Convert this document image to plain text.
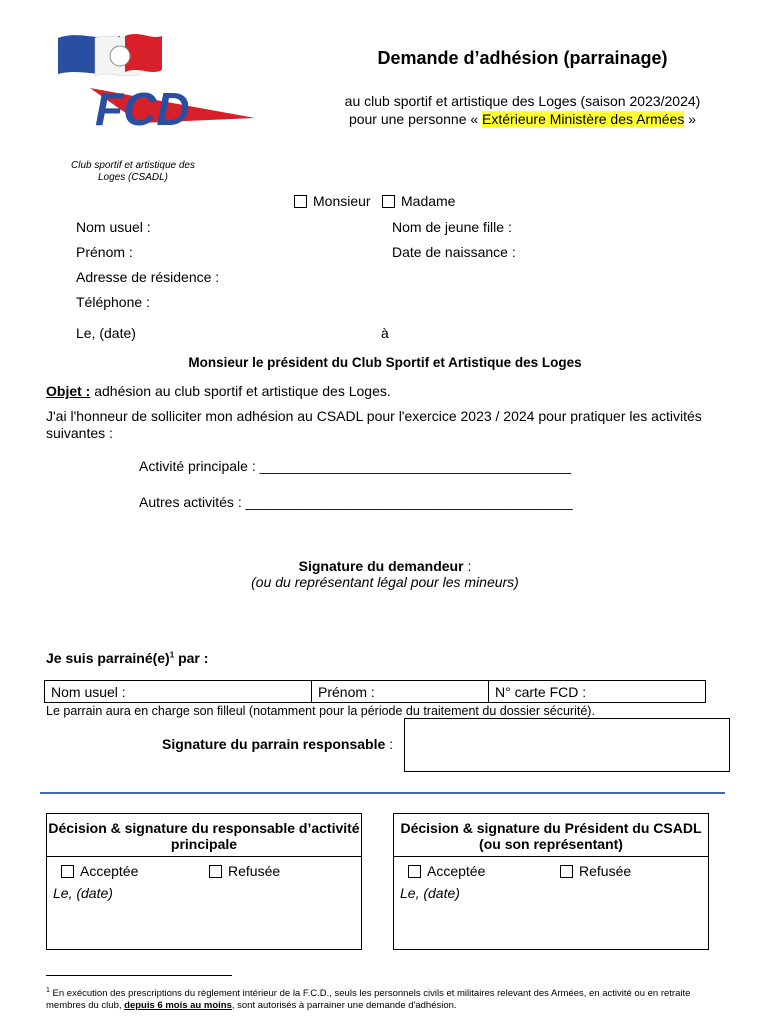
FCD
Club sportif et artistique des Loges (CSADL)
Demande d’adhésion (parrainage)
au club sportif et artistique des Loges (saison 2023/2024)
pour une personne « Extérieure Ministère des Armées »
Monsieur	Madame
Nom usuel :	Nom de jeune fille :
Prénom :	Date de naissance :
Adresse de résidence :
Téléphone :
Le, (date)	à
Monsieur le président du Club Sportif et Artistique des Loges
Objet : adhésion au club sportif et artistique des Loges.
J'ai l'honneur de solliciter mon adhésion au CSADL pour l'exercice 2023 / 2024 pour pratiquer les activités suivantes :
Activité principale : ________________________________________
Autres activités : __________________________________________
Signature du demandeur :
(ou du représentant légal pour les mineurs)
Je suis $parrainé(e)^1$ par :
Nom usuel :	Prénom :	N° carte FCD :
Le parrain aura en charge son filleul (notamment pour la période du traitement du dossier sécurité).
Signature du parrain responsable :
Décision & signature du responsable d’activité principale
Acceptée	Refusée
Le, (date)
Décision & signature du Président du CSADL (ou son représentant)
Acceptée	Refusée
Le, (date)
$^1$ En exécution des prescriptions du règlement intérieur de la F.C.D., seuls les personnels civils et militaires relevant des Armées, en activité ou en retraite membres du club, depuis 6 mois au moins, sont autorisés à parrainer une demande d'adhésion.
